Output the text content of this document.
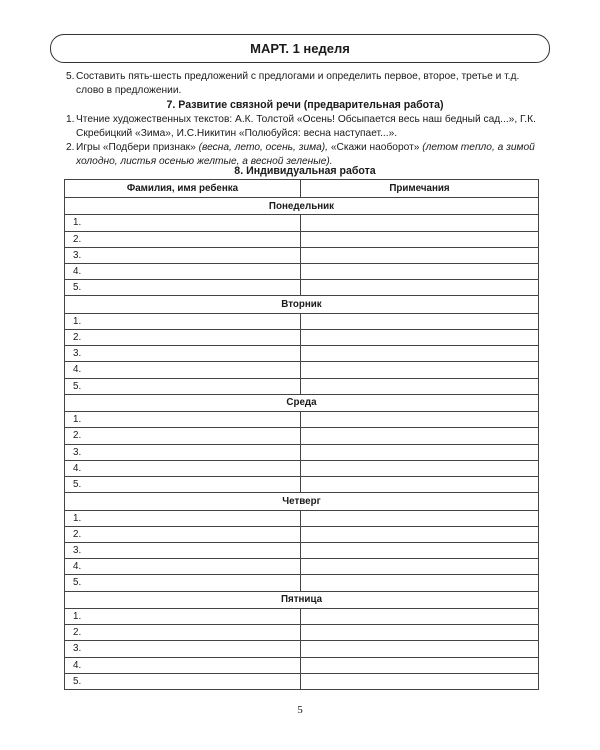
МАРТ. 1 неделя
5. Составить пять-шесть предложений с предлогами и определить первое, второе, третье и т.д. слово в предложении.
7. Развитие связной речи (предварительная работа)
1. Чтение художественных текстов: А.К. Толстой «Осень! Обсыпается весь наш бедный сад...», Г.К. Скребицкий «Зима», И.С.Никитин «Полюбуйся: весна наступает...».
2. Игры «Подбери признак» (весна, лето, осень, зима), «Скажи наоборот» (летом тепло, а зимой холодно, листья осенью желтые, а весной зеленые).
8. Индивидуальная работа
Фамилия, имя ребенка	Примечания
Понедельник	
1.	
2.	
3.	
4.	
5.	
Вторник	
1.	
2.	
3.	
4.	
5.	
Среда	
1.	
2.	
3.	
4.	
5.	
Четверг	
1.	
2.	
3.	
4.	
5.	
Пятница	
1.	
2.	
3.	
4.	
5.	
5
